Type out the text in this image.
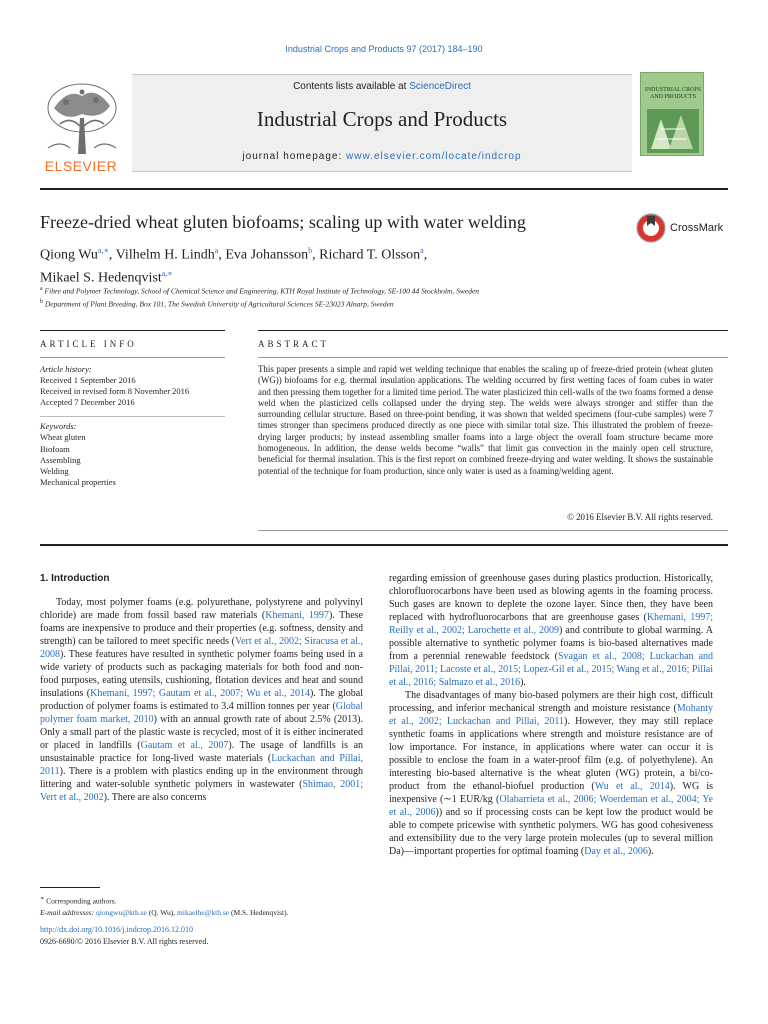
Industrial Crops and Products 97 (2017) 184–190
ELSEVIER
Contents lists available at ScienceDirect
Industrial Crops and Products
journal homepage: www.elsevier.com/locate/indcrop
INDUSTRIAL CROPS
AND PRODUCTS
Freeze-dried wheat gluten biofoams; scaling up with water welding	CrossMark
Qiong $Wu^{a,∗}$, Vilhelm H. Lindh$^a$, Eva Johansson$^b$, Richard T. Olsson$^a$,
Mikael S. Hedenqvist$^{a,∗}$
$^a$ Fibre and Polymer Technology, School of Chemical Science and Engineering, KTH Royal Institute of Technology, SE-100 44 Stockholm, Sweden
$^b$ Department of Plant Breeding, Box 101, The Swedish University of Agricultural Sciences SE-23023 Alnarp, Sweden
ARTICLE INFO	ABSTRACT
Article history:
Received 1 September 2016
Received in revised form 8 November 2016
Accepted 7 December 2016
Keywords:
Wheat gluten
Biofoam
Assembling
Welding
Mechanical properties

This paper presents a simple and rapid wet welding technique that enables the scaling up of freeze-dried protein (wheat gluten (WG)) biofoams for e.g. thermal insulation applications. The welding occurred by first wetting faces of foam cubes in water and then pressing them together for a limited time period. The water plasticized thin cell-walls of the two foams formed a dense weld when the plasticized cells collapsed under the drying step. The welds were always stronger and stiffer than the surrounding cellular structure. Based on three-point bending, it was shown that welded specimens (four-cube samples) were 7 times stronger than specimens produced directly as one piece with similar total size. This illustrated the problem of freeze-drying larger products; by instead assembling smaller foams into a large object the overall foam structure became more homogeneous. In addition, the dense welds become “walls” that limit gas convection in the mainly open cell structure, beneficial for thermal insulation. This is the first report on combined freeze-drying and water welding. It shows the sustainable potential of the technique for foam production, since only water is used as a foaming/welding agent.

© 2016 Elsevier B.V. All rights reserved.
1. Introduction

Today, most polymer foams (e.g. polyurethane, polystyrene and polyvinyl chloride) are made from fossil based raw materials (Khemani, 1997). These foams are inexpensive to produce and their properties (e.g. softness, density and strength) can be tailored to meet specific needs (Vert et al., 2002; Siracusa et al., 2008). These features have resulted in synthetic polymer foams being used in a wide variety of products such as packaging materials for both food and non-food purposes, eating utensils, cushioning, flotation devices and heat and sound insulations (Khemani, 1997; Gautam et al., 2007; Wu et al., 2014). The global production of polymer foams is estimated to 3.4 million tonnes per year (Global polymer foam market, 2010) with an annual growth rate of about 2.5% (2013). Only a small part of the plastic waste is recycled, most of it is either incinerated or placed in landfills (Gautam et al., 2007). The usage of landfills is an unsustainable practice for long-lived waste materials (Luckachan and Pillai, 2011). There is a problem with plastics ending up in the environment through littering and water-soluble synthetic polymers in wastewater (Shimao, 2001; Vert et al., 2002). There are also concerns

regarding emission of greenhouse gases during plastics production. Historically, chlorofluorocarbons have been used as blowing agents in the foaming process. Such gases are known to deplete the ozone layer. Since then, they have been replaced with hydrofluorocarbons that are greenhouse gases (Khemani, 1997; Reilly et al., 2002; Larochette et al., 2009) and contribute to global warming. A possible alternative to synthetic polymer foams is bio-based alternatives made from a perennial renewable feedstock (Svagan et al., 2008; Luckachan and Pillai, 2011; Lacoste et al., 2015; Lopez-Gil et al., 2015; Wang et al., 2016; Pillai et al., 2016; Salmazo et al., 2016).

The disadvantages of many bio-based polymers are their high cost, difficult processing, and inferior mechanical strength and moisture resistance (Mohanty et al., 2002; Luckachan and Pillai, 2011). However, they may still replace synthetic foams in applications where strength and moisture resistance are of low importance. For instance, in applications where water can occur it is possible to enclose the foam in a water-proof film (e.g. of polyethylene). An interesting bio-based alternative is the wheat gluten (WG) protein, a bi/co-product from the ethanol-biofuel production (Wu et al., 2014). WG is inexpensive (∼1 EUR/kg (Olabarrieta et al., 2006; Woerdeman et al., 2004; Ye et al., 2006)) and so if processing costs can be kept low the product would be able to compete pricewise with synthetic polymers. WG has good cohesiveness and extensibility due to the very large protein molecules (up to several million Da)—important properties for optimal foaming (Day et al., 2006).

∗ Corresponding authors.
E-mail addresses: qiongwu@kth.se (Q. Wu), mikaelhe@kth.se (M.S. Hedenqvist).
http://dx.doi.org/10.1016/j.indcrop.2016.12.010
0926-6690/© 2016 Elsevier B.V. All rights reserved.
